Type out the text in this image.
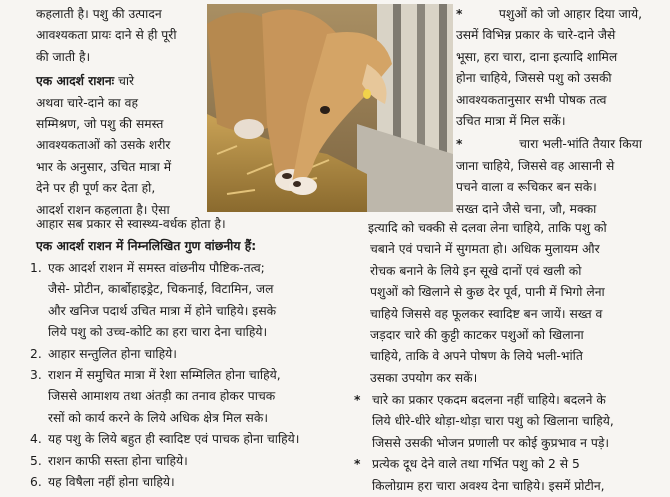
कहलाती है। पशु की उत्पादन
आवश्यकता प्रायः दाने से ही पूरी
की जाती है।
एक आदर्श राशनः चारे
अथवा चारे-दाने का वह
सम्मिश्रण, जो पशु की समस्त
आवश्यकताओं को उसके शरीर
भार के अनुसार, उचित मात्रा में
देने पर ही पूर्ण कर देता हो,
आदर्श राशन कहलाता है। ऐसा
आहार सब प्रकार से स्वास्थ्य-वर्धक होता है।
*	पशुओं को जो आहार दिया जाये,
उसमें विभिन्न प्रकार के चारे-दाने जैसे
भूसा, हरा चारा, दाना इत्यादि शामिल
होना चाहिये, जिससे पशु को उसकी
आवश्यकतानुसार सभी पोषक तत्व
उचित मात्रा में मिल सकें।
*	चारा भली-भांति तैयार किया
जाना चाहिये, जिससे वह आसानी से
पचने वाला व रूचिकर बन सके।
सख्त दाने जैसे चना, जौ, मक्का
एक आदर्श राशन में निम्नलिखित गुण वांछनीय हैं:
1. एक आदर्श राशन में समस्त वांछनीय पौष्टिक-तत्व;
जैसे- प्रोटीन, कार्बोहाइड्रेट, चिकनाई, विटामिन, जल
और खनिज पदार्थ उचित मात्रा में होने चाहिये। इसके
लिये पशु को उच्च-कोटि का हरा चारा देना चाहिये।
2. आहार सन्तुलित होना चाहिये।
3. राशन में समुचित मात्रा में रेशा सम्मिलित होना चाहिये,
जिससे आमाशय तथा अंतड़ी का तनाव होकर पाचक
रसों को कार्य करने के लिये अधिक क्षेत्र मिल सके।
4. यह पशु के लिये बहुत ही स्वादिष्ट एवं पाचक होना चाहिये।
5. राशन काफी सस्ता होना चाहिये।
6. यह विषैला नहीं होना चाहिये।
इत्यादि को चक्की से दलवा लेना चाहिये, ताकि पशु को
चबाने एवं पचाने में सुगमता हो। अधिक मुलायम और
रोचक बनाने के लिये इन सूखे दानों एवं खली को
पशुओं को खिलाने से कुछ देर पूर्व, पानी में भिगो लेना
चाहिये जिससे वह फूलकर स्वादिष्ट बन जायें। सख्त व
जड़दार चारे की कुट्टी काटकर पशुओं को खिलाना
चाहिये, ताकि वे अपने पोषण के लिये भली-भांति
उसका उपयोग कर सकें।
* चारे का प्रकार एकदम बदलना नहीं चाहिये। बदलने के
लिये धीरे-धीरे थोड़ा-थोड़ा चारा पशु को खिलाना चाहिये,
जिससे उसकी भोजन प्रणाली पर कोई कुप्रभाव न पड़े।
* प्रत्येक दूध देने वाले तथा गर्भित पशु को 2 से 5
किलोग्राम हरा चारा अवश्य देना चाहिये। इसमें प्रोटीन,
